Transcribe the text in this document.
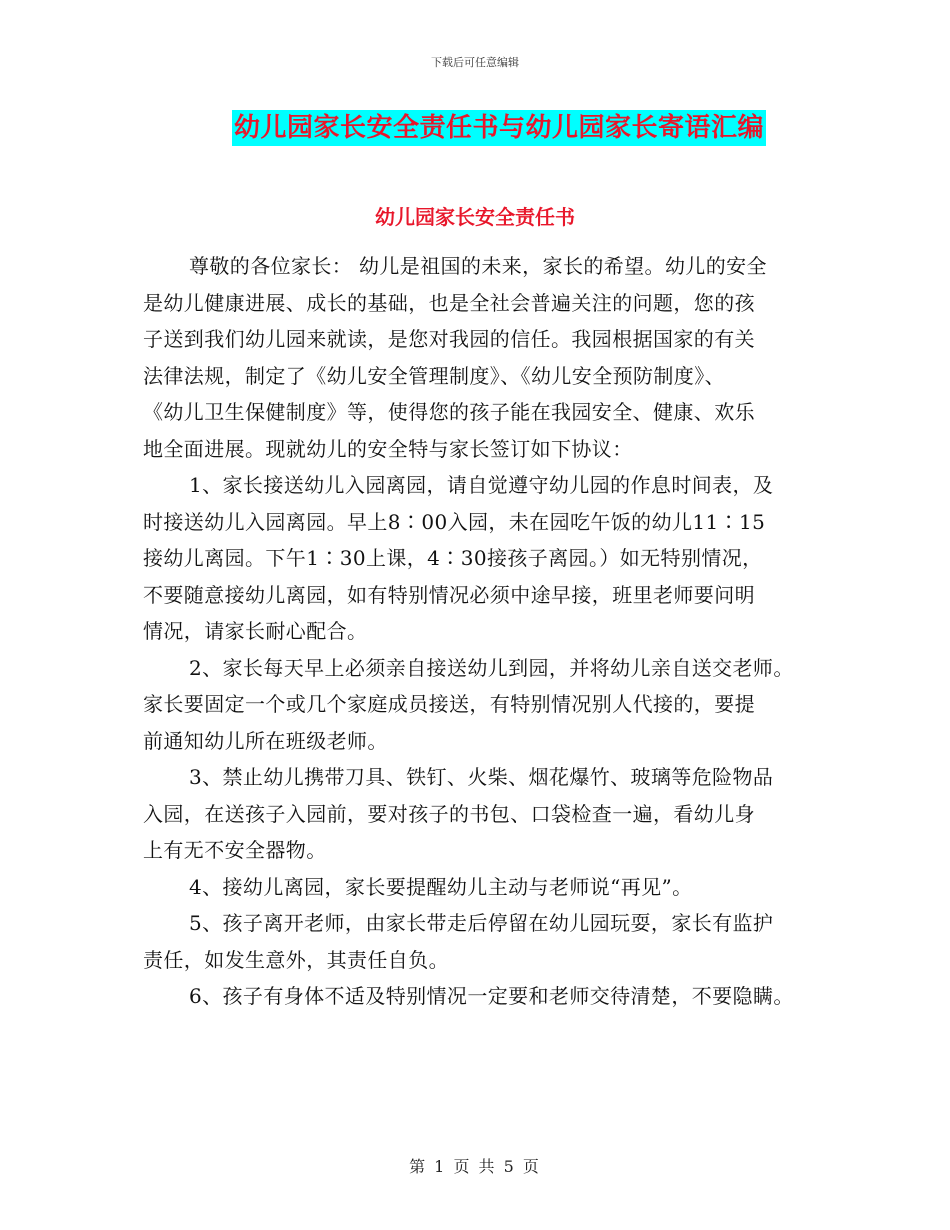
下载后可任意编辑
幼儿园家长安全责任书与幼儿园家长寄语汇编
幼儿园家长安全责任书

尊敬的各位家长： 幼儿是祖国的未来，家长的希望。幼儿的安全
是幼儿健康进展、成长的基础，也是全社会普遍关注的问题，您的孩
子送到我们幼儿园来就读，是您对我园的信任。我园根据国家的有关
法律法规，制定了《幼儿安全管理制度》、《幼儿安全预防制度》、
《幼儿卫生保健制度》等，使得您的孩子能在我园安全、健康、欢乐
地全面进展。现就幼儿的安全特与家长签订如下协议：

1、家长接送幼儿入园离园，请自觉遵守幼儿园的作息时间表，及
时接送幼儿入园离园。早上8∶00入园，未在园吃午饭的幼儿11∶15
接幼儿离园。下午1∶30上课，4∶30接孩子离园。）如无特别情况，
不要随意接幼儿离园，如有特别情况必须中途早接，班里老师要问明
情况，请家长耐心配合。

2、家长每天早上必须亲自接送幼儿到园，并将幼儿亲自送交老师。
家长要固定一个或几个家庭成员接送，有特别情况别人代接的，要提
前通知幼儿所在班级老师。

3、禁止幼儿携带刀具、铁钉、火柴、烟花爆竹、玻璃等危险物品
入园，在送孩子入园前，要对孩子的书包、口袋检查一遍，看幼儿身
上有无不安全器物。

4、接幼儿离园，家长要提醒幼儿主动与老师说“再见”。

5、孩子离开老师，由家长带走后停留在幼儿园玩耍，家长有监护
责任，如发生意外，其责任自负。

6、孩子有身体不适及特别情况一定要和老师交待清楚，不要隐瞒。

第 1 页 共 5 页
